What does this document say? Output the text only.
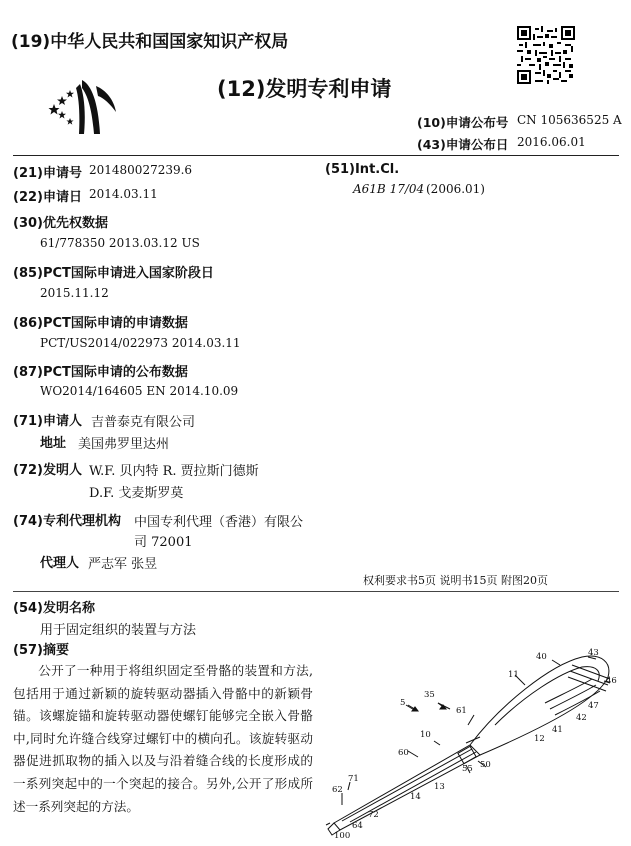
(19)中华人民共和国国家知识产权局
(12)发明专利申请
(10)申请公布号 CN 105636525 A
(43)申请公布日 2016.06.01
(21)申请号 201480027239.6
(22)申请日 2014.03.11
(30)优先权数据
61/778350 2013.03.12 US
(85)PCT国际申请进入国家阶段日
2015.11.12
(86)PCT国际申请的申请数据
PCT/US2014/022973 2014.03.11
(87)PCT国际申请的公布数据
WO2014/164605 EN 2014.10.09
(71)申请人 吉普泰克有限公司
地址 美国弗罗里达州
(72)发明人 W.F. 贝内特 R. 贾拉斯门德斯
D.F. 戈麦斯罗莫
(74)专利代理机构 中国专利代理（香港）有限公
司 72001
代理人 严志军 张昱
(51)Int.Cl.
A61B 17/04 (2006.01)
权利要求书5页 说明书15页 附图20页
(54)发明名称
用于固定组织的装置与方法
(57)摘要

公开了一种用于将组织固定至骨骼的装置和方法,包括用于通过新颖的旋转驱动器插入骨骼中的新颖骨锚。该螺旋锚和旋转驱动器使螺钉能够完全嵌入骨骼中,同时允许缝合线穿过螺钉中的横向孔。该旋转驱动器促进抓取物的插入以及与沿着缝合线的长度形成的一系列突起中的一个突起的接合。另外,公开了形成所述一系列突起的方法。

40	43
11
46
35
5	47
42
61
41
10	12
60
55 50
13
14
71
62
72
64
100
